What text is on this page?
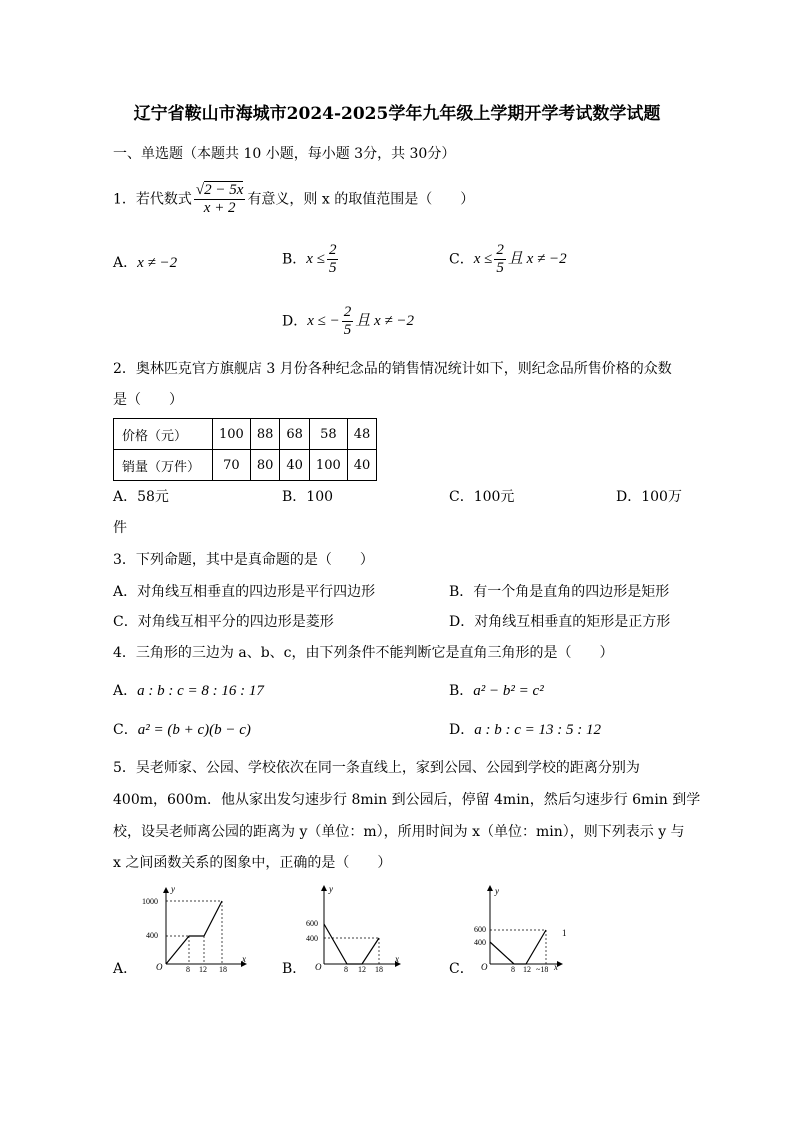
辽宁省鞍山市海城市2024-2025学年九年级上学期开学考试数学试题
一、单选题（本题共 10 小题，每小题 3分，共 30分）
1．若代数式 $\frac{√2 - 5x}{x + 2}$ 有意义，则 x 的取值范围是（　　）
A．x ≠ −2	B．$x \le \frac{2}{5}$	C．$x \le \frac{2}{5}$ 且 x ≠ −2
D．x ≤ − $\frac{2}{5}$ 且 x ≠ −2
2．奥林匹克官方旗舰店 3 月份各种纪念品的销售情况统计如下，则纪念品所售价格的众数
是（　　）
价格（元）	100	88	68	58	48
销量（万件）	70	80	40	100	40
A．58元	B．100	C．100元	D．100万
件
3．下列命题，其中是真命题的是（　　）
A．对角线互相垂直的四边形是平行四边形	B．有一个角是直角的四边形是矩形
C．对角线互相平分的四边形是菱形	D．对角线互相垂直的矩形是正方形
4．三角形的三边为 a、b、c，由下列条件不能判断它是直角三角形的是（　　）
A．a : b : c = 8 : 16 : 17	B．a² − b² = c²
C．a² = (b + c)(b − c)	D．a : b : c = 13 : 5 : 12
5．吴老师家、公园、学校依次在同一条直线上，家到公园、公园到学校的距离分别为
400m，600m．他从家出发匀速步行 8min 到公园后，停留 4min，然后匀速步行 6min 到学
校，设吴老师离公园的距离为 y（单位：m），所用时间为 x（单位：min），则下列表示 y 与
x 之间函数关系的图象中，正确的是（　　）
A．	B．	C．
y
x
O
1000
400
8 12 18
y
x
O
600
400
8 12 18
y
x
O
600
400
8 12 ~18
1
